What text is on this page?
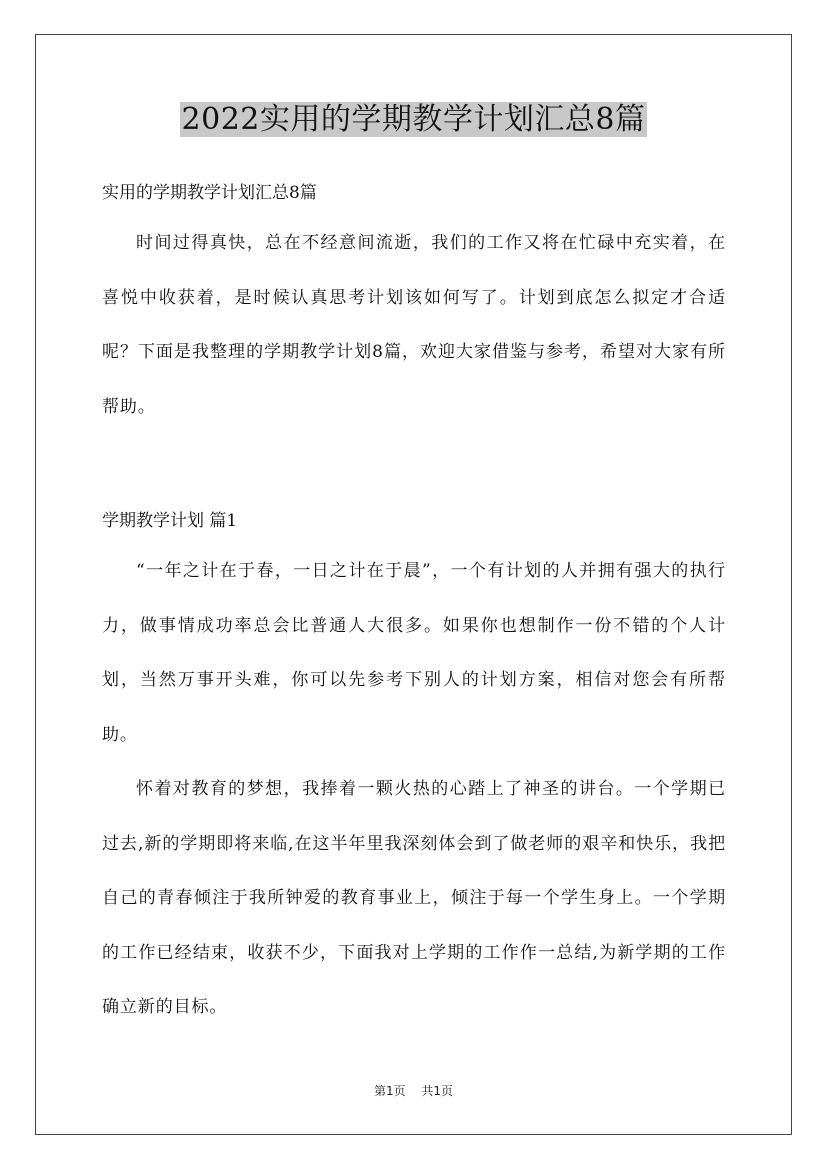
2022实用的学期教学计划汇总8篇

实用的学期教学计划汇总8篇

时间过得真快，总在不经意间流逝，我们的工作又将在忙碌中充实着，在喜悦中收获着，是时候认真思考计划该如何写了。计划到底怎么拟定才合适呢？下面是我整理的学期教学计划8篇，欢迎大家借鉴与参考，希望对大家有所帮助。

学期教学计划 篇1

“一年之计在于春，一日之计在于晨”，一个有计划的人并拥有强大的执行力，做事情成功率总会比普通人大很多。如果你也想制作一份不错的个人计划，当然万事开头难，你可以先参考下别人的计划方案，相信对您会有所帮助。

怀着对教育的梦想，我捧着一颗火热的心踏上了神圣的讲台。一个学期已过去,新的学期即将来临,在这半年里我深刻体会到了做老师的艰辛和快乐，我把自己的青春倾注于我所钟爱的教育事业上，倾注于每一个学生身上。一个学期的工作已经结束，收获不少，下面我对上学期的工作作一总结,为新学期的工作确立新的目标。

第1页 共1页
